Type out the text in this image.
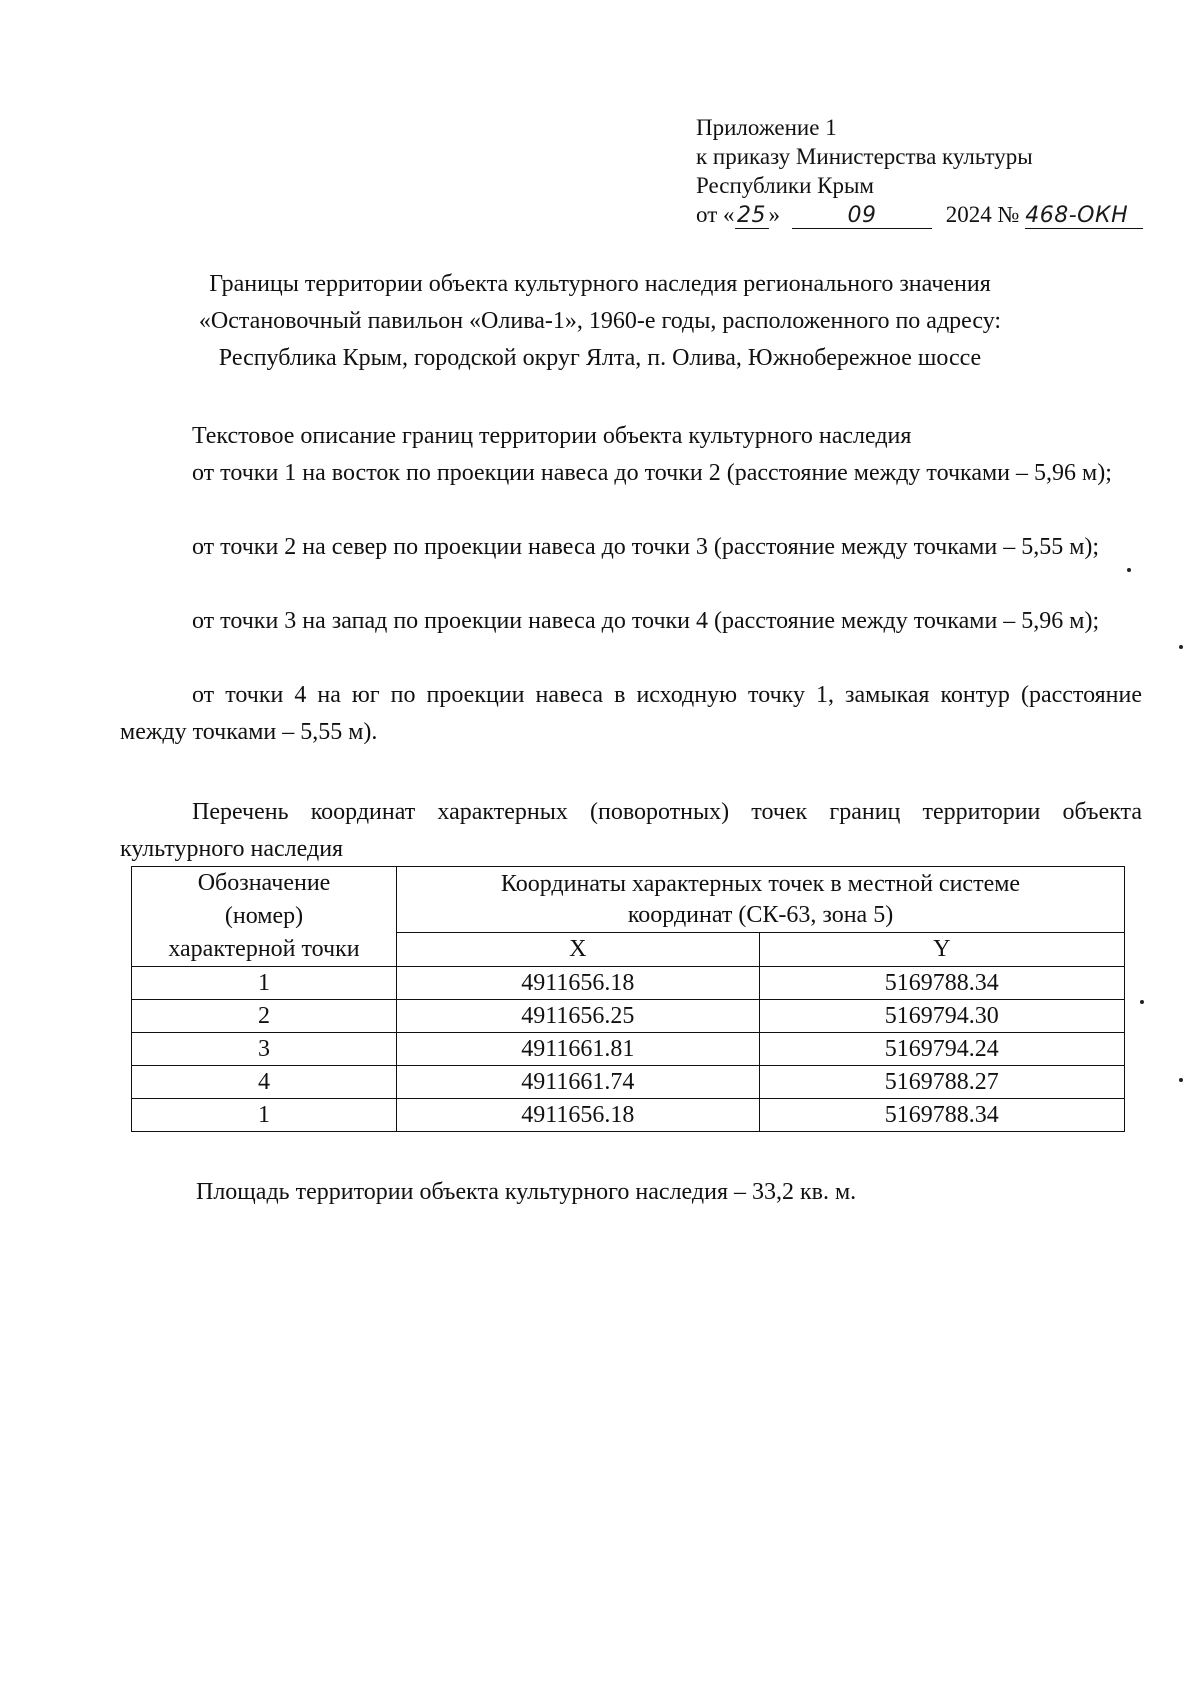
Приложение 1
к приказу Министерства культуры
Республики Крым
от « 25 »	09	2024 № 468-ОКН
Границы территории объекта культурного наследия регионального значения
«Остановочный павильон «Олива-1», 1960-е годы, расположенного по адресу:
Республика Крым, городской округ Ялта, п. Олива, Южнобережное шоссе
Текстовое описание границ территории объекта культурного наследия

от точки 1 на восток по проекции навеса до точки 2 (расстояние между точками – 5,96 м);

от точки 2 на север по проекции навеса до точки 3 (расстояние между точками – 5,55 м);

от точки 3 на запад по проекции навеса до точки 4 (расстояние между точками – 5,96 м);

от точки 4 на юг по проекции навеса в исходную точку 1, замыкая контур (расстояние между точками – 5,55 м).

Перечень координат характерных (поворотных) точек границ территории объекта культурного наследия
Обозначение
(номер)
характерной точки	Координаты характерных точек в местной системе
координат (СК-63, зона 5)	
	X	Y
1	4911656.18	5169788.34
2	4911656.25	5169794.30
3	4911661.81	5169794.24
4	4911661.74	5169788.27
1	4911656.18	5169788.34
Площадь территории объекта культурного наследия – 33,2 кв. м.
